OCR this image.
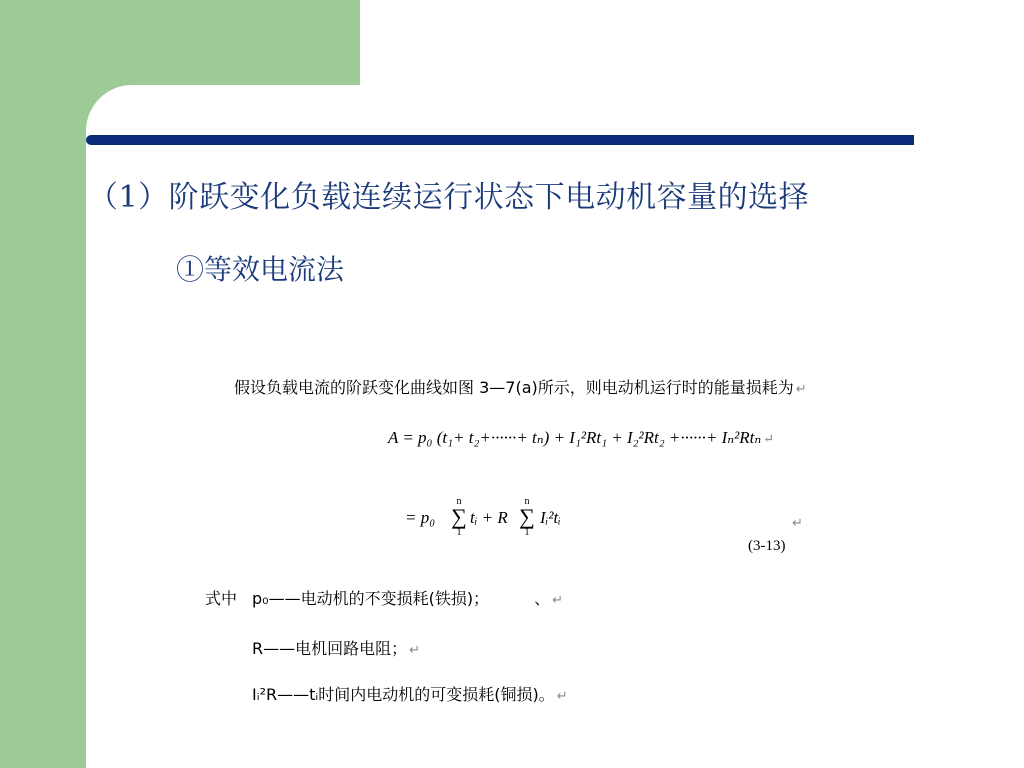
（1）阶跃变化负载连续运行状态下电动机容量的选择
①等效电流法
假设负载电流的阶跃变化曲线如图 3—7(a)所示，则电动机运行时的能量损耗为 ↵
A = p₀ (t₁+ t₂+······+ tₙ) + I₁²Rt₁ + I₂²Rt₂ +······+ Iₙ²Rtₙ ↵
= p₀
n
∑
1
tᵢ + R
n
∑
1
Iᵢ²tᵢ	↵
(3-13)
式中 p₀——电动机的不变损耗(铁损)；	、 ↵
R——电机回路电阻； ↵
Iᵢ²R——tᵢ时间内电动机的可变损耗(铜损)。 ↵
